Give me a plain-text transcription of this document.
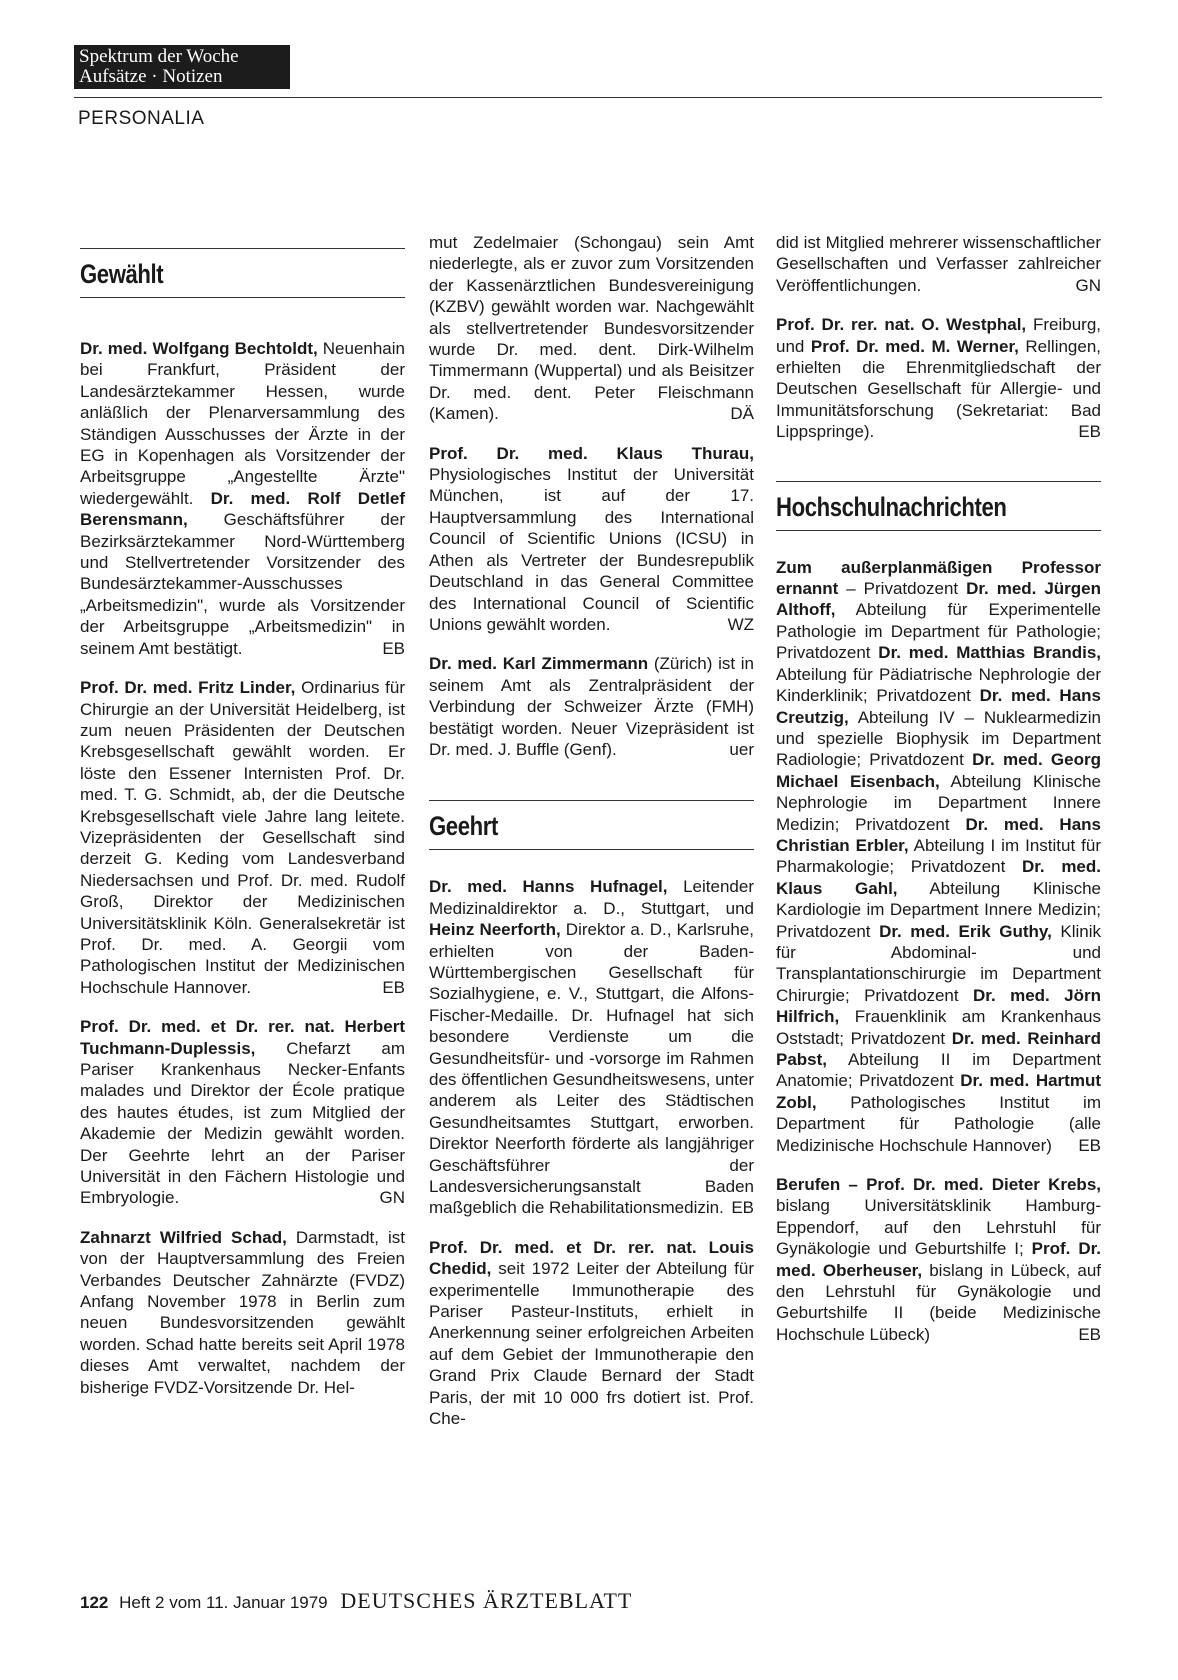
Spektrum der Woche
Aufsätze · Notizen
PERSONALIA
Gewählt

Dr. med. Wolfgang Bechtoldt, Neuenhain bei Frankfurt, Präsident der Landesärztekammer Hessen, wurde anläßlich der Plenarversammlung des Ständigen Ausschusses der Ärzte in der EG in Kopenhagen als Vorsitzender der Arbeitsgruppe „Angestellte Ärzte" wiedergewählt. Dr. med. Rolf Detlef Berensmann, Geschäftsführer der Bezirksärztekammer Nord-Württemberg und Stellvertretender Vorsitzender des Bundesärztekammer-Ausschusses „Arbeitsmedizin", wurde als Vorsitzender der Arbeitsgruppe „Arbeitsmedizin" in seinem Amt bestätigt.	EB

Prof. Dr. med. Fritz Linder, Ordinarius für Chirurgie an der Universität Heidelberg, ist zum neuen Präsidenten der Deutschen Krebsgesellschaft gewählt worden. Er löste den Essener Internisten Prof. Dr. med. T. G. Schmidt, ab, der die Deutsche Krebsgesellschaft viele Jahre lang leitete. Vizepräsidenten der Gesellschaft sind derzeit G. Keding vom Landesverband Niedersachsen und Prof. Dr. med. Rudolf Groß, Direktor der Medizinischen Universitätsklinik Köln. Generalsekretär ist Prof. Dr. med. A. Georgii vom Pathologischen Institut der Medizinischen Hochschule Hannover.	EB

Prof. Dr. med. et Dr. rer. nat. Herbert Tuchmann-Duplessis, Chefarzt am Pariser Krankenhaus Necker-Enfants malades und Direktor der École pratique des hautes études, ist zum Mitglied der Akademie der Medizin gewählt worden. Der Geehrte lehrt an der Pariser Universität in den Fächern Histologie und Embryologie.	GN

Zahnarzt Wilfried Schad, Darmstadt, ist von der Hauptversammlung des Freien Verbandes Deutscher Zahnärzte (FVDZ) Anfang November 1978 in Berlin zum neuen Bundesvorsitzenden gewählt worden. Schad hatte bereits seit April 1978 dieses Amt verwaltet, nachdem der bisherige FVDZ-Vorsitzende Dr. Hel-

mut Zedelmaier (Schongau) sein Amt niederlegte, als er zuvor zum Vorsitzenden der Kassenärztlichen Bundesvereinigung (KZBV) gewählt worden war. Nachgewählt als stellvertretender Bundesvorsitzender wurde Dr. med. dent. Dirk-Wilhelm Timmermann (Wuppertal) und als Beisitzer Dr. med. dent. Peter Fleischmann (Kamen).	DÄ

Prof. Dr. med. Klaus Thurau, Physiologisches Institut der Universität München, ist auf der 17. Hauptversammlung des International Council of Scientific Unions (ICSU) in Athen als Vertreter der Bundesrepublik Deutschland in das General Committee des International Council of Scientific Unions gewählt worden.	WZ

Dr. med. Karl Zimmermann (Zürich) ist in seinem Amt als Zentralpräsident der Verbindung der Schweizer Ärzte (FMH) bestätigt worden. Neuer Vizepräsident ist Dr. med. J. Buffle (Genf).	uer

Geehrt

Dr. med. Hanns Hufnagel, Leitender Medizinaldirektor a. D., Stuttgart, und Heinz Neerforth, Direktor a. D., Karlsruhe, erhielten von der Baden-Württembergischen Gesellschaft für Sozialhygiene, e. V., Stuttgart, die Alfons-Fischer-Medaille. Dr. Hufnagel hat sich besondere Verdienste um die Gesundheitsfür- und -vorsorge im Rahmen des öffentlichen Gesundheitswesens, unter anderem als Leiter des Städtischen Gesundheitsamtes Stuttgart, erworben. Direktor Neerforth förderte als langjähriger Geschäftsführer der Landesversicherungsanstalt Baden maßgeblich die Rehabilitationsmedizin. EB

Prof. Dr. med. et Dr. rer. nat. Louis Chedid, seit 1972 Leiter der Abteilung für experimentelle Immunotherapie des Pariser Pasteur-Instituts, erhielt in Anerkennung seiner erfolgreichen Arbeiten auf dem Gebiet der Immunotherapie den Grand Prix Claude Bernard der Stadt Paris, der mit 10 000 frs dotiert ist. Prof. Che-

did ist Mitglied mehrerer wissenschaftlicher Gesellschaften und Verfasser zahlreicher Veröffentlichungen.	GN

Prof. Dr. rer. nat. O. Westphal, Freiburg, und Prof. Dr. med. M. Werner, Rellingen, erhielten die Ehrenmitgliedschaft der Deutschen Gesellschaft für Allergie- und Immunitätsforschung (Sekretariat: Bad Lippspringe).	EB

Hochschulnachrichten

Zum außerplanmäßigen Professor ernannt – Privatdozent Dr. med. Jürgen Althoff, Abteilung für Experimentelle Pathologie im Department für Pathologie; Privatdozent Dr. med. Matthias Brandis, Abteilung für Pädiatrische Nephrologie der Kinderklinik; Privatdozent Dr. med. Hans Creutzig, Abteilung IV – Nuklearmedizin und spezielle Biophysik im Department Radiologie; Privatdozent Dr. med. Georg Michael Eisenbach, Abteilung Klinische Nephrologie im Department Innere Medizin; Privatdozent Dr. med. Hans Christian Erbler, Abteilung I im Institut für Pharmakologie; Privatdozent Dr. med. Klaus Gahl, Abteilung Klinische Kardiologie im Department Innere Medizin; Privatdozent Dr. med. Erik Guthy, Klinik für Abdominal- und Transplantationschirurgie im Department Chirurgie; Privatdozent Dr. med. Jörn Hilfrich, Frauenklinik am Krankenhaus Oststadt; Privatdozent Dr. med. Reinhard Pabst, Abteilung II im Department Anatomie; Privatdozent Dr. med. Hartmut Zobl, Pathologisches Institut im Department für Pathologie (alle Medizinische Hochschule Hannover) EB

Berufen – Prof. Dr. med. Dieter Krebs, bislang Universitätsklinik Hamburg-Eppendorf, auf den Lehrstuhl für Gynäkologie und Geburtshilfe I; Prof. Dr. med. Oberheuser, bislang in Lübeck, auf den Lehrstuhl für Gynäkologie und Geburtshilfe II (beide Medizinische Hochschule Lübeck)	EB

122 Heft 2 vom 11. Januar 1979 DEUTSCHES ÄRZTEBLATT
